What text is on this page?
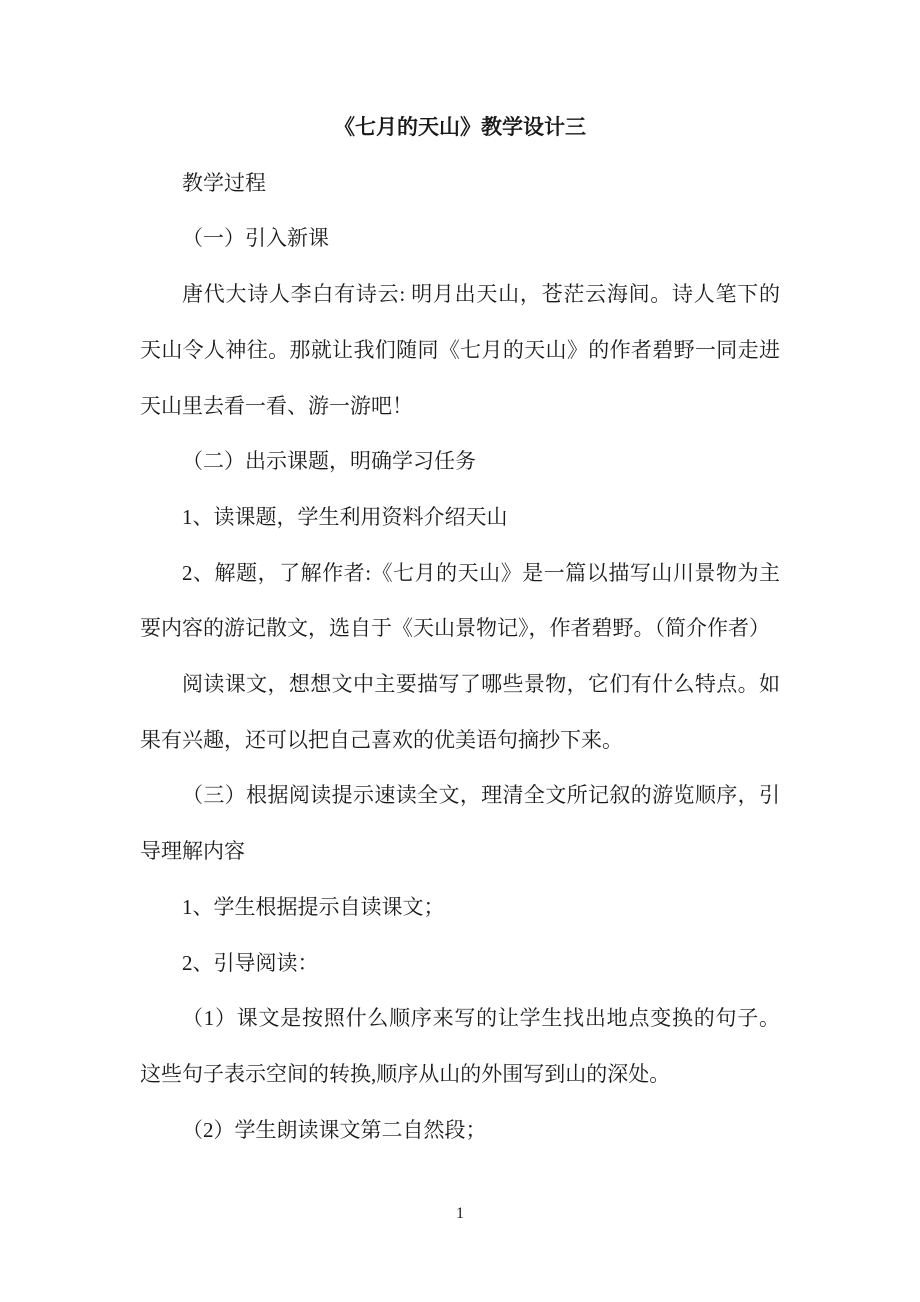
《七月的天山》教学设计三

教学过程

（一）引入新课

唐代大诗人李白有诗云: 明月出天山，苍茫云海间。诗人笔下的天山令人神往。那就让我们随同《七月的天山》的作者碧野一同走进天山里去看一看、游一游吧！

（二）出示课题，明确学习任务

1、读课题，学生利用资料介绍天山

2、解题，了解作者:《七月的天山》是一篇以描写山川景物为主要内容的游记散文，选自于《天山景物记》，作者碧野。（简介作者）

阅读课文，想想文中主要描写了哪些景物，它们有什么特点。如果有兴趣，还可以把自己喜欢的优美语句摘抄下来。

（三）根据阅读提示速读全文，理清全文所记叙的游览顺序，引导理解内容

1、学生根据提示自读课文；

2、引导阅读：

（1）课文是按照什么顺序来写的让学生找出地点变换的句子。这些句子表示空间的转换,顺序从山的外围写到山的深处。

（2）学生朗读课文第二自然段；

1
